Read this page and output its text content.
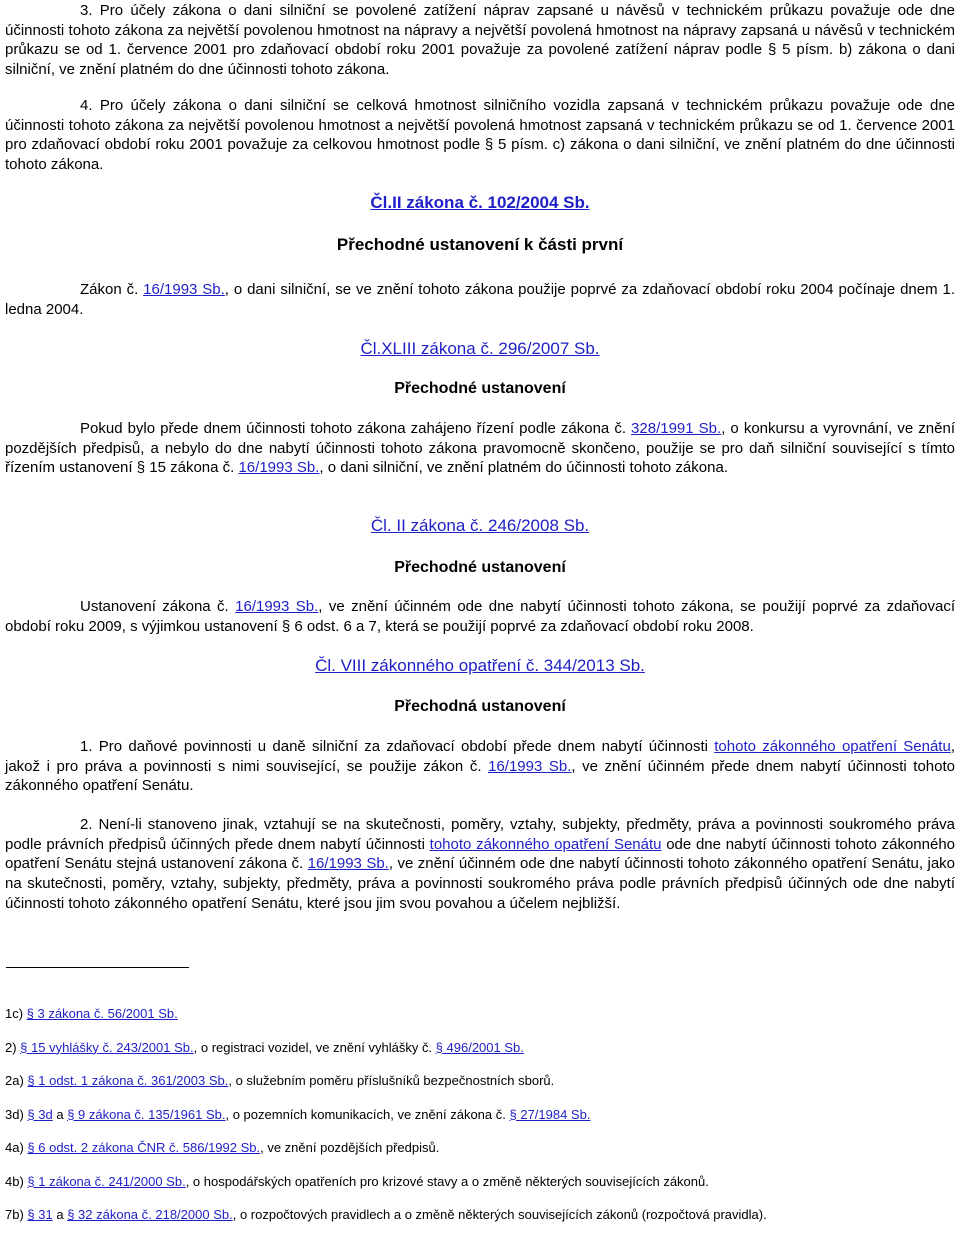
3. Pro účely zákona o dani silniční se povolené zatížení náprav zapsané u návěsů v technickém průkazu považuje ode dne účinnosti tohoto zákona za největší povolenou hmotnost na nápravy a největší povolená hmotnost na nápravy zapsaná u návěsů v technickém průkazu se od 1. července 2001 pro zdaňovací období roku 2001 považuje za povolené zatížení náprav podle § 5 písm. b) zákona o dani silniční, ve znění platném do dne účinnosti tohoto zákona.

4. Pro účely zákona o dani silniční se celková hmotnost silničního vozidla zapsaná v technickém průkazu považuje ode dne účinnosti tohoto zákona za největší povolenou hmotnost a největší povolená hmotnost zapsaná v technickém průkazu se od 1. července 2001 pro zdaňovací období roku 2001 považuje za celkovou hmotnost podle § 5 písm. c) zákona o dani silniční, ve znění platném do dne účinnosti tohoto zákona.

Čl.II zákona č. 102/2004 Sb.

Přechodné ustanovení k části první

Zákon č. 16/1993 Sb., o dani silniční, se ve znění tohoto zákona použije poprvé za zdaňovací období roku 2004 počínaje dnem 1. ledna 2004.

Čl.XLIII zákona č. 296/2007 Sb.

Přechodné ustanovení

Pokud bylo přede dnem účinnosti tohoto zákona zahájeno řízení podle zákona č. 328/1991 Sb., o konkursu a vyrovnání, ve znění pozdějších předpisů, a nebylo do dne nabytí účinnosti tohoto zákona pravomocně skončeno, použije se pro daň silniční související s tímto řízením ustanovení § 15 zákona č. 16/1993 Sb., o dani silniční, ve znění platném do účinnosti tohoto zákona.

Čl. II zákona č. 246/2008 Sb.

Přechodné ustanovení

Ustanovení zákona č. 16/1993 Sb., ve znění účinném ode dne nabytí účinnosti tohoto zákona, se použijí poprvé za zdaňovací období roku 2009, s výjimkou ustanovení § 6 odst. 6 a 7, která se použijí poprvé za zdaňovací období roku 2008.

Čl. VIII zákonného opatření č. 344/2013 Sb.

Přechodná ustanovení

1. Pro daňové povinnosti u daně silniční za zdaňovací období přede dnem nabytí účinnosti tohoto zákonného opatření Senátu, jakož i pro práva a povinnosti s nimi související, se použije zákon č. 16/1993 Sb., ve znění účinném přede dnem nabytí účinnosti tohoto zákonného opatření Senátu.

2. Není-li stanoveno jinak, vztahují se na skutečnosti, poměry, vztahy, subjekty, předměty, práva a povinnosti soukromého práva podle právních předpisů účinných přede dnem nabytí účinnosti tohoto zákonného opatření Senátu ode dne nabytí účinnosti tohoto zákonného opatření Senátu stejná ustanovení zákona č. 16/1993 Sb., ve znění účinném ode dne nabytí účinnosti tohoto zákonného opatření Senátu, jako na skutečnosti, poměry, vztahy, subjekty, předměty, práva a povinnosti soukromého práva podle právních předpisů účinných ode dne nabytí účinnosti tohoto zákonného opatření Senátu, které jsou jim svou povahou a účelem nejbližší.

1c) § 3 zákona č. 56/2001 Sb.

2) § 15 vyhlášky č. 243/2001 Sb., o registraci vozidel, ve znění vyhlášky č. § 496/2001 Sb.

2a) § 1 odst. 1 zákona č. 361/2003 Sb., o služebním poměru příslušníků bezpečnostních sborů.

3d) § 3d a § 9 zákona č. 135/1961 Sb., o pozemních komunikacích, ve znění zákona č. § 27/1984 Sb.

4a) § 6 odst. 2 zákona ČNR č. 586/1992 Sb., ve znění pozdějších předpisů.

4b) § 1 zákona č. 241/2000 Sb., o hospodářských opatřeních pro krizové stavy a o změně některých souvisejících zákonů.

7b) § 31 a § 32 zákona č. 218/2000 Sb., o rozpočtových pravidlech a o změně některých souvisejících zákonů (rozpočtová pravidla).
